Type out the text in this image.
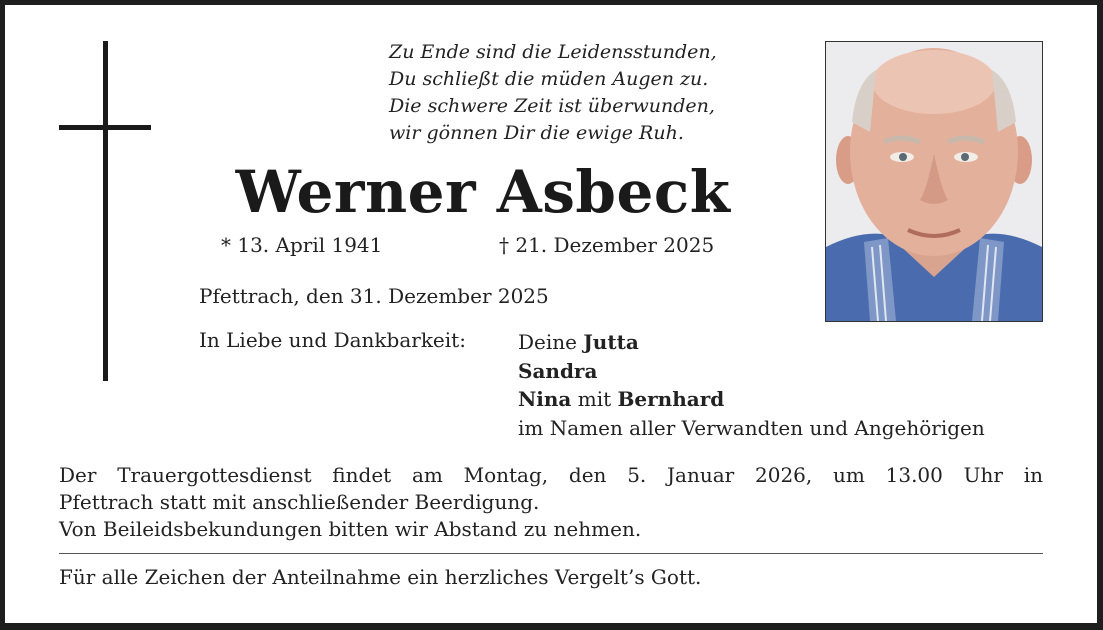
Zu Ende sind die Leidensstunden,
Du schließt die müden Augen zu.
Die schwere Zeit ist überwunden,
wir gönnen Dir die ewige Ruh.
Werner Asbeck
* 13. April 1941	† 21. Dezember 2025
Pfettrach, den 31. Dezember 2025
In Liebe und Dankbarkeit:	Deine Jutta
Sandra
Nina mit Bernhard
im Namen aller Verwandten und Angehörigen
Der Trauergottesdienst findet am Montag, den 5. Januar 2026, um 13.00 Uhr in
Pfettrach statt mit anschließender Beerdigung.
Von Beileidsbekundungen bitten wir Abstand zu nehmen.
Für alle Zeichen der Anteilnahme ein herzliches Vergelt’s Gott.
